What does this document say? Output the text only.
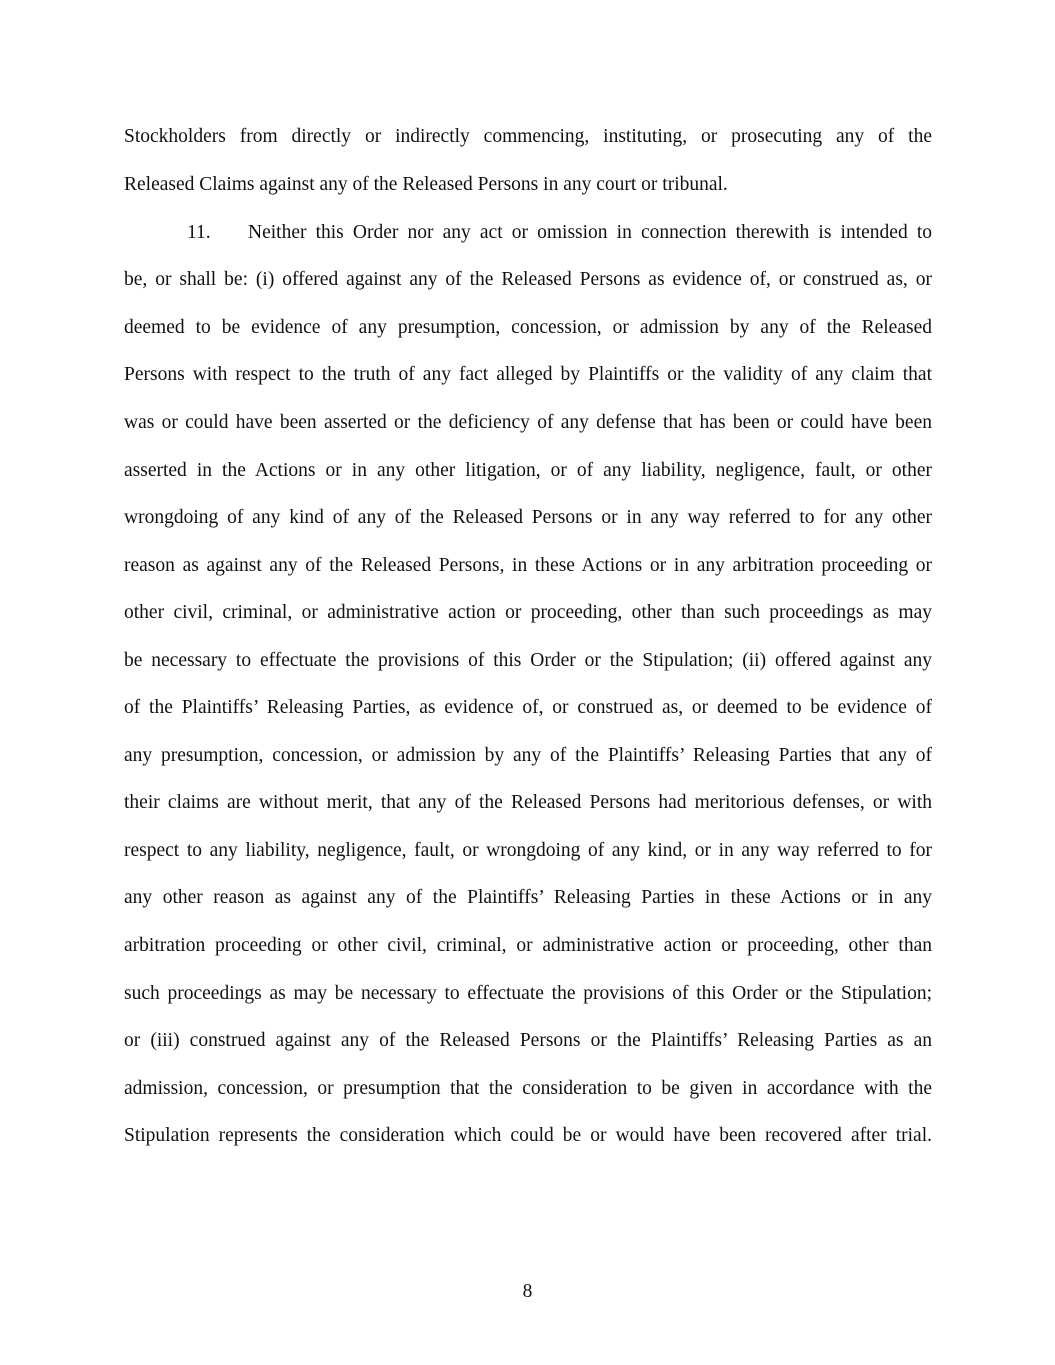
Stockholders from directly or indirectly commencing, instituting, or prosecuting any of the
Released Claims against any of the Released Persons in any court or tribunal.
11. Neither this Order nor any act or omission in connection therewith is intended to
be, or shall be: (i) offered against any of the Released Persons as evidence of, or construed as, or
deemed to be evidence of any presumption, concession, or admission by any of the Released
Persons with respect to the truth of any fact alleged by Plaintiffs or the validity of any claim that
was or could have been asserted or the deficiency of any defense that has been or could have been
asserted in the Actions or in any other litigation, or of any liability, negligence, fault, or other
wrongdoing of any kind of any of the Released Persons or in any way referred to for any other
reason as against any of the Released Persons, in these Actions or in any arbitration proceeding or
other civil, criminal, or administrative action or proceeding, other than such proceedings as may
be necessary to effectuate the provisions of this Order or the Stipulation; (ii) offered against any
of the Plaintiffs’ Releasing Parties, as evidence of, or construed as, or deemed to be evidence of
any presumption, concession, or admission by any of the Plaintiffs’ Releasing Parties that any of
their claims are without merit, that any of the Released Persons had meritorious defenses, or with
respect to any liability, negligence, fault, or wrongdoing of any kind, or in any way referred to for
any other reason as against any of the Plaintiffs’ Releasing Parties in these Actions or in any
arbitration proceeding or other civil, criminal, or administrative action or proceeding, other than
such proceedings as may be necessary to effectuate the provisions of this Order or the Stipulation;
or (iii) construed against any of the Released Persons or the Plaintiffs’ Releasing Parties as an
admission, concession, or presumption that the consideration to be given in accordance with the
Stipulation represents the consideration which could be or would have been recovered after trial.
8
